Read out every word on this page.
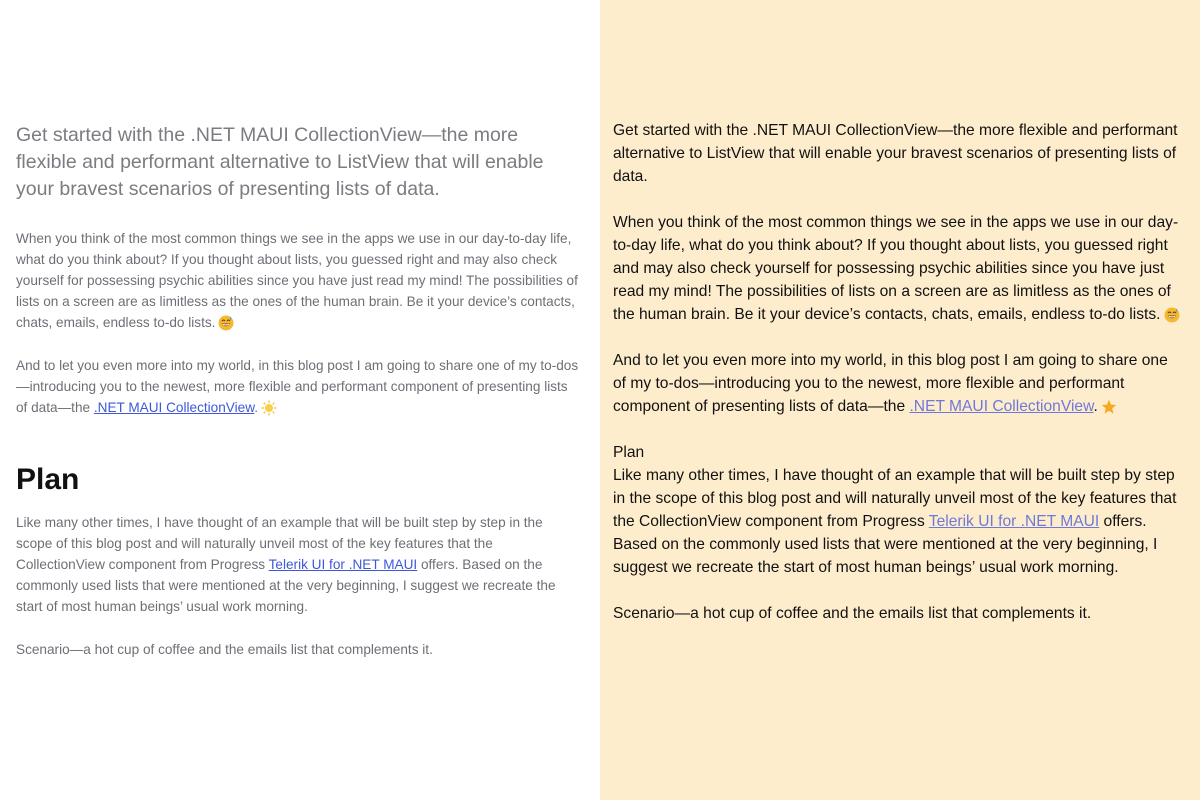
Get started with the .NET MAUI CollectionView—the more flexible and performant alternative to ListView that will enable your bravest scenarios of presenting lists of data.

When you think of the most common things we see in the apps we use in our day-to-day life, what do you think about? If you thought about lists, you guessed right and may also check yourself for possessing psychic abilities since you have just read my mind! The possibilities of lists on a screen are as limitless as the ones of the human brain. Be it your device’s contacts, chats, emails, endless to-do lists.

And to let you even more into my world, in this blog post I am going to share one of my to-dos—introducing you to the newest, more flexible and performant component of presenting lists of data—the .NET MAUI CollectionView.

Plan

Like many other times, I have thought of an example that will be built step by step in the scope of this blog post and will naturally unveil most of the key features that the CollectionView component from Progress Telerik UI for .NET MAUI offers. Based on the commonly used lists that were mentioned at the very beginning, I suggest we recreate the start of most human beings’ usual work morning.

Scenario—a hot cup of coffee and the emails list that complements it.

Get started with the .NET MAUI CollectionView—the more flexible and performant alternative to ListView that will enable your bravest scenarios of presenting lists of data.

When you think of the most common things we see in the apps we use in our day-to-day life, what do you think about? If you thought about lists, you guessed right and may also check yourself for possessing psychic abilities since you have just read my mind! The possibilities of lists on a screen are as limitless as the ones of the human brain. Be it your device’s contacts, chats, emails, endless to-do lists.

And to let you even more into my world, in this blog post I am going to share one of my to-dos—introducing you to the newest, more flexible and performant component of presenting lists of data—the .NET MAUI CollectionView.

Plan

Like many other times, I have thought of an example that will be built step by step in the scope of this blog post and will naturally unveil most of the key features that the CollectionView component from Progress Telerik UI for .NET MAUI offers. Based on the commonly used lists that were mentioned at the very beginning, I suggest we recreate the start of most human beings’ usual work morning.

Scenario—a hot cup of coffee and the emails list that complements it.
